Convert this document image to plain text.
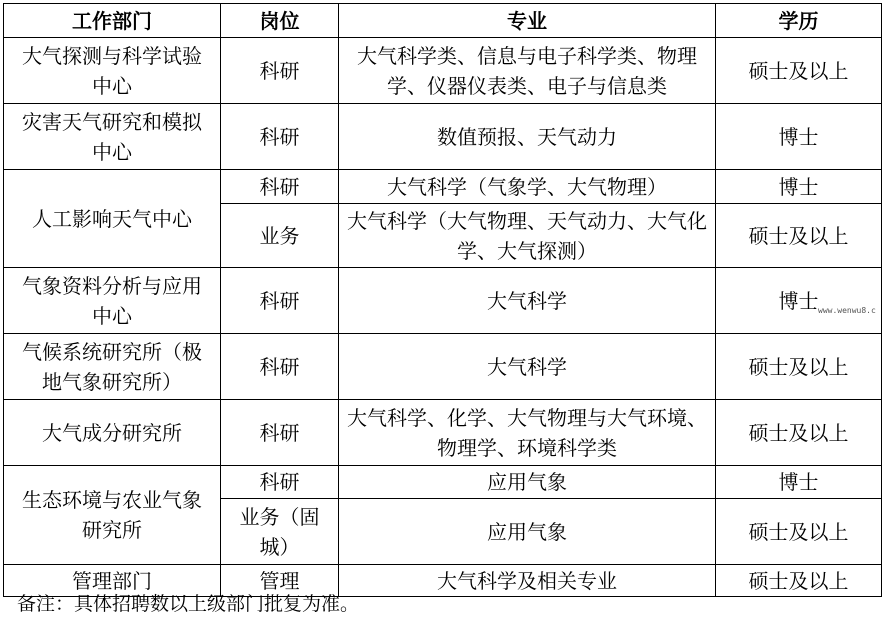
工作部门	岗位	专业	学历
大气探测与科学试验中心	科研	大气科学类、信息与电子科学类、物理学、仪器仪表类、电子与信息类	硕士及以上
灾害天气研究和模拟中心	科研	数值预报、天气动力	博士
人工影响天气中心	科研	大气科学（气象学、大气物理）	博士
	业务	大气科学（大气物理、天气动力、大气化学、大气探测）	硕士及以上
气象资料分析与应用中心	科研	大气科学	博士
气候系统研究所（极地气象研究所）	科研	大气科学	硕士及以上
大气成分研究所	科研	大气科学、化学、大气物理与大气环境、物理学、环境科学类	硕士及以上
生态环境与农业气象研究所	科研	应用气象	博士
	业务（固城）	应用气象	硕士及以上
管理部门	管理	大气科学及相关专业	硕士及以上
备注：具体招聘数以上级部门批复为准。
www.wenwu8.c
